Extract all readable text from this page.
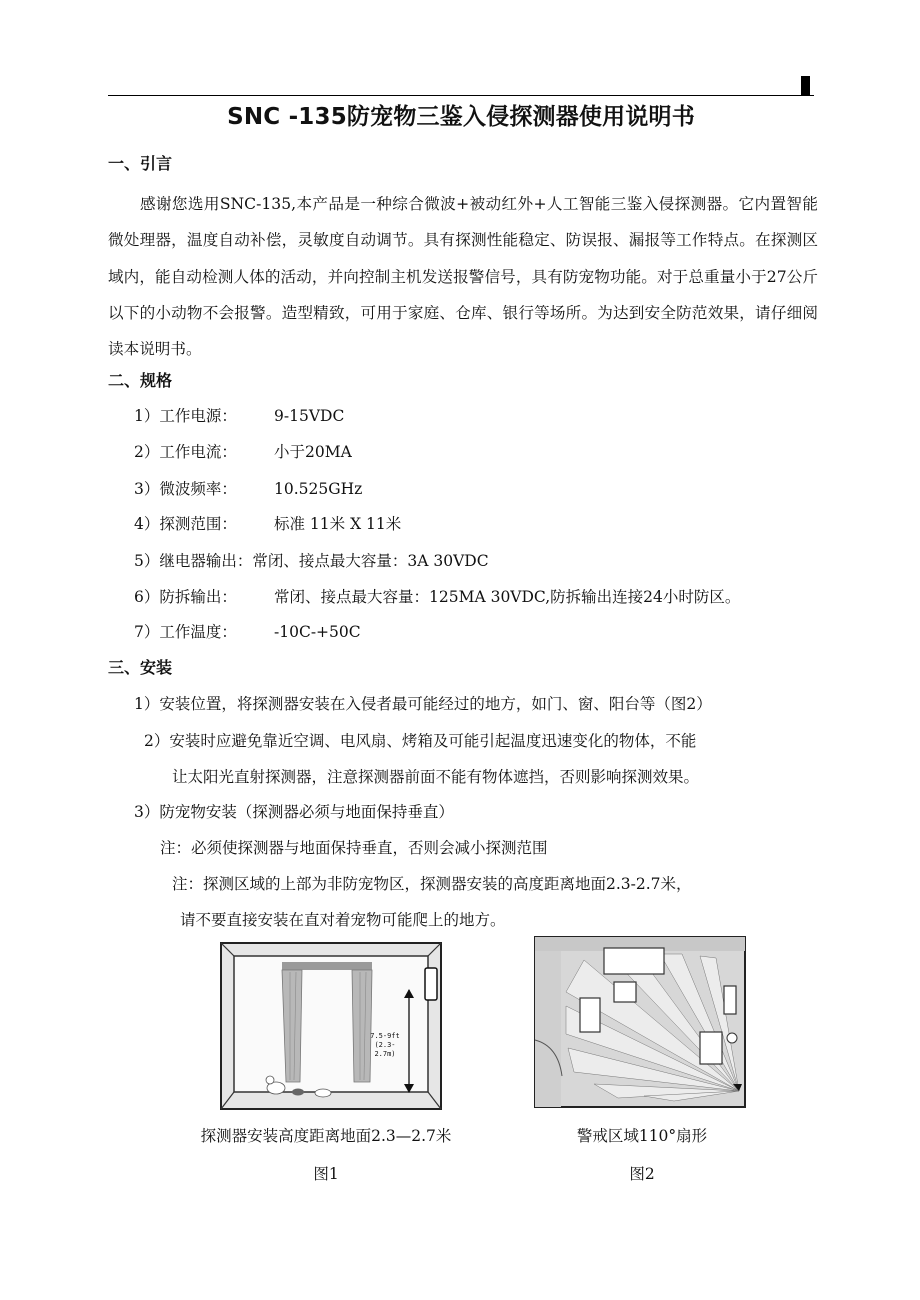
SNC -135防宠物三鉴入侵探测器使用说明书
一、引言

感谢您选用SNC-135,本产品是一种综合微波+被动红外+人工智能三鉴入侵探测器。它内置智能微处理器，温度自动补偿，灵敏度自动调节。具有探测性能稳定、防误报、漏报等工作特点。在探测区域内，能自动检测人体的活动，并向控制主机发送报警信号，具有防宠物功能。对于总重量小于27公斤以下的小动物不会报警。造型精致，可用于家庭、仓库、银行等场所。为达到安全防范效果，请仔细阅读本说明书。

二、规格

1）工作电源： 9-15VDC

2）工作电流： 小于20MA

3）微波频率： 10.525GHz

4）探测范围： 标准 11米 X 11米

5）继电器输出：常闭、接点最大容量：3A 30VDC

6）防拆输出： 常闭、接点最大容量：125MA 30VDC,防拆输出连接24小时防区。

7）工作温度： -10C-+50C

三、安装

1）安装位置，将探测器安装在入侵者最可能经过的地方，如门、窗、阳台等（图2）

2）安装时应避免靠近空调、电风扇、烤箱及可能引起温度迅速变化的物体，不能

让太阳光直射探测器，注意探测器前面不能有物体遮挡，否则影响探测效果。

3）防宠物安装（探测器必须与地面保持垂直）

注：必须使探测器与地面保持垂直，否则会减小探测范围

注：探测区域的上部为非防宠物区，探测器安装的高度距离地面2.3-2.7米，

请不要直接安装在直对着宠物可能爬上的地方。

7.5-9ft
(2.3-2.7m)
探测器安装高度距离地面2.3—2.7米
图1
警戒区域110°扇形
图2
